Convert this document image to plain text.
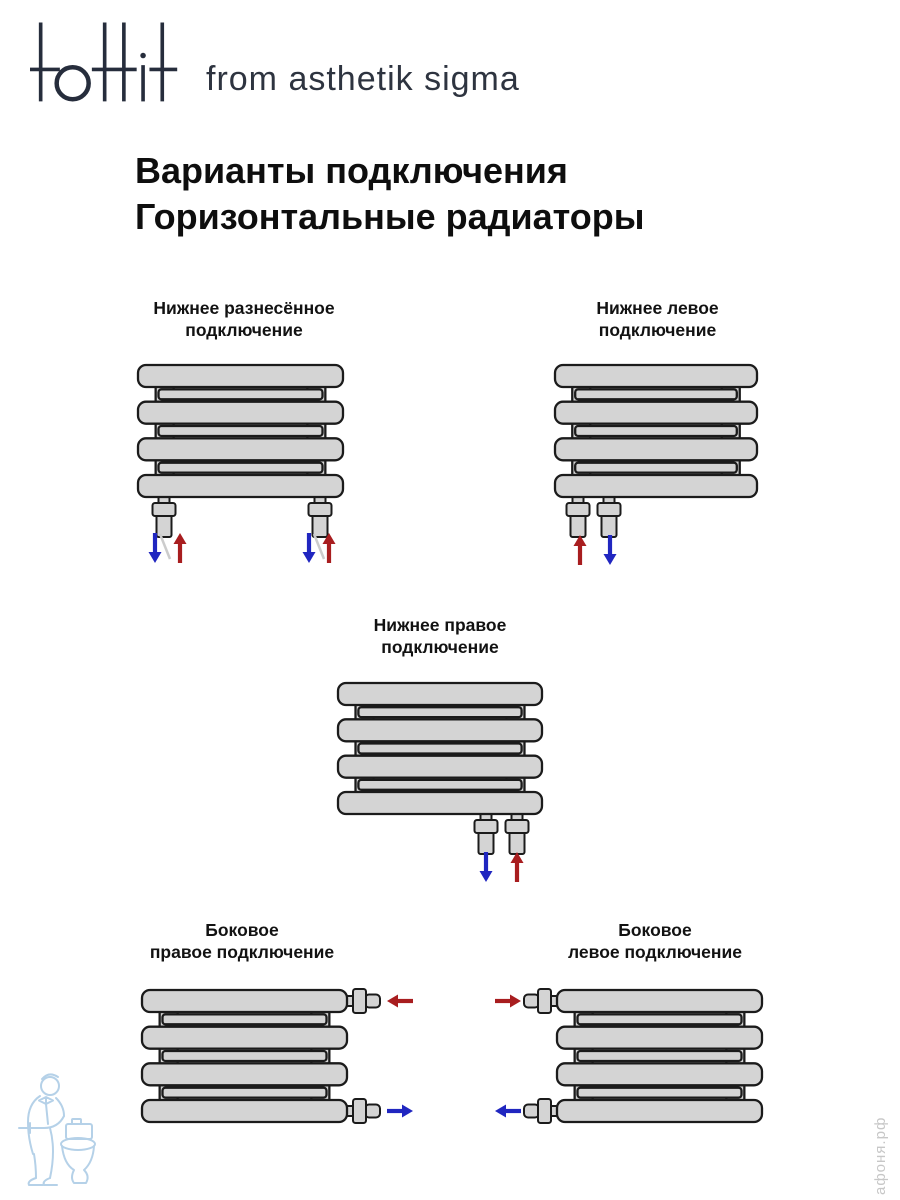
from asthetik sigma
Варианты подключения
Горизонтальные радиаторы
Нижнее разнесённое
подключение
Нижнее левое
подключение
Нижнее правое
подключение
Боковое
правое подключение
Боковое
левое подключение
афоня.рф
